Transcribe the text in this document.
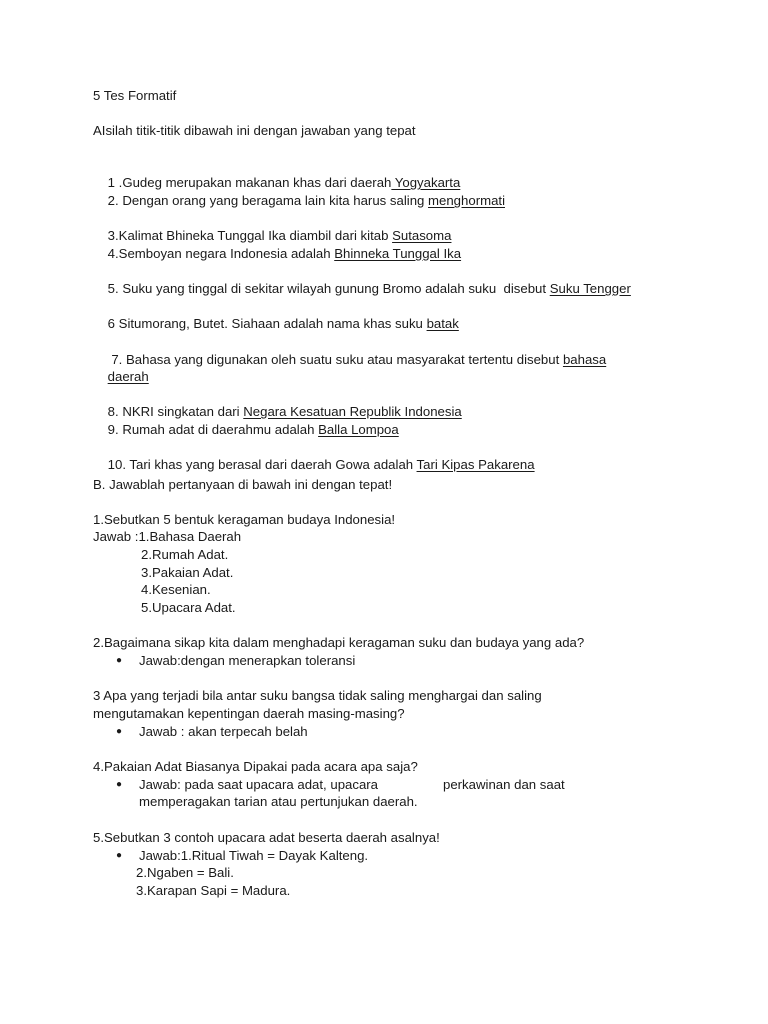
5 Tes Formatif
AIsilah titik-titik dibawah ini dengan jawaban yang tepat

1 .Gudeg merupakan makanan khas dari daerah Yogyakarta

2. Dengan orang yang beragama lain kita harus saling menghormati

3.Kalimat Bhineka Tunggal Ika diambil dari kitab Sutasoma

4.Semboyan negara Indonesia adalah Bhinneka Tunggal Ika

5. Suku yang tinggal di sekitar wilayah gunung Bromo adalah suku  disebut Suku Tengger

6 Situmorang, Butet. Siahaan adalah nama khas suku batak

7. Bahasa yang digunakan oleh suatu suku atau masyarakat tertentu disebut bahasa

daerah

8. NKRI singkatan dari Negara Kesatuan Republik Indonesia

9. Rumah adat di daerahmu adalah Balla Lompoa

10. Tari khas yang berasal dari daerah Gowa adalah Tari Kipas Pakarena

B. Jawablah pertanyaan di bawah ini dengan tepat!
1.Sebutkan 5 bentuk keragaman budaya Indonesia!
Jawab :1.Bahasa Daerah
2.Rumah Adat.
3.Pakaian Adat.
4.Kesenian.
5.Upacara Adat.
2.Bagaimana sikap kita dalam menghadapi keragaman suku dan budaya yang ada?
● Jawab:dengan menerapkan toleransi
3 Apa yang terjadi bila antar suku bangsa tidak saling menghargai dan saling
mengutamakan kepentingan daerah masing-masing?
● Jawab : akan terpecah belah
4.Pakaian Adat Biasanya Dipakai pada acara apa saja?
● Jawab: pada saat upacara adat, upacara	perkawinan dan saat
memperagakan tarian atau pertunjukan daerah.
5.Sebutkan 3 contoh upacara adat beserta daerah asalnya!
● Jawab:1.Ritual Tiwah = Dayak Kalteng.
2.Ngaben = Bali.
3.Karapan Sapi = Madura.
